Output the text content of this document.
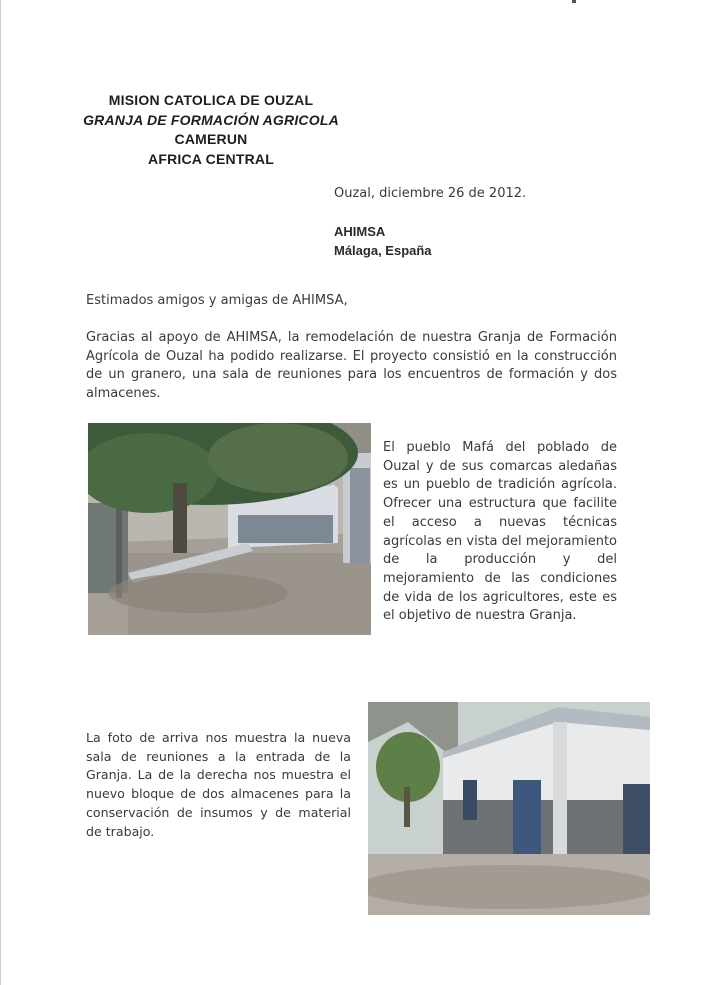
MISION CATOLICA DE OUZAL
GRANJA DE FORMACIÓN AGRICOLA
CAMERUN
AFRICA CENTRAL
Ouzal, diciembre 26 de 2012.
AHIMSA
Málaga, España
Estimados amigos y amigas de AHIMSA,
Gracias al apoyo de AHIMSA, la remodelación de nuestra Granja de Formación Agrícola de Ouzal ha podido realizarse. El proyecto consistió en la construcción de un granero, una sala de reuniones para los encuentros de formación y dos almacenes.
El pueblo Mafá del poblado de Ouzal y de sus comarcas aledañas es un pueblo de tradición agrícola. Ofrecer una estructura que facilite el acceso a nuevas técnicas agrícolas en vista del mejoramiento de la producción y del mejoramiento de las condiciones de vida de los agricultores, este es el objetivo de nuestra Granja.
La foto de arriva nos muestra la nueva sala de reuniones a la entrada de la Granja. La de la derecha nos muestra el nuevo bloque de dos almacenes para la conservación de insumos y de material de trabajo.
